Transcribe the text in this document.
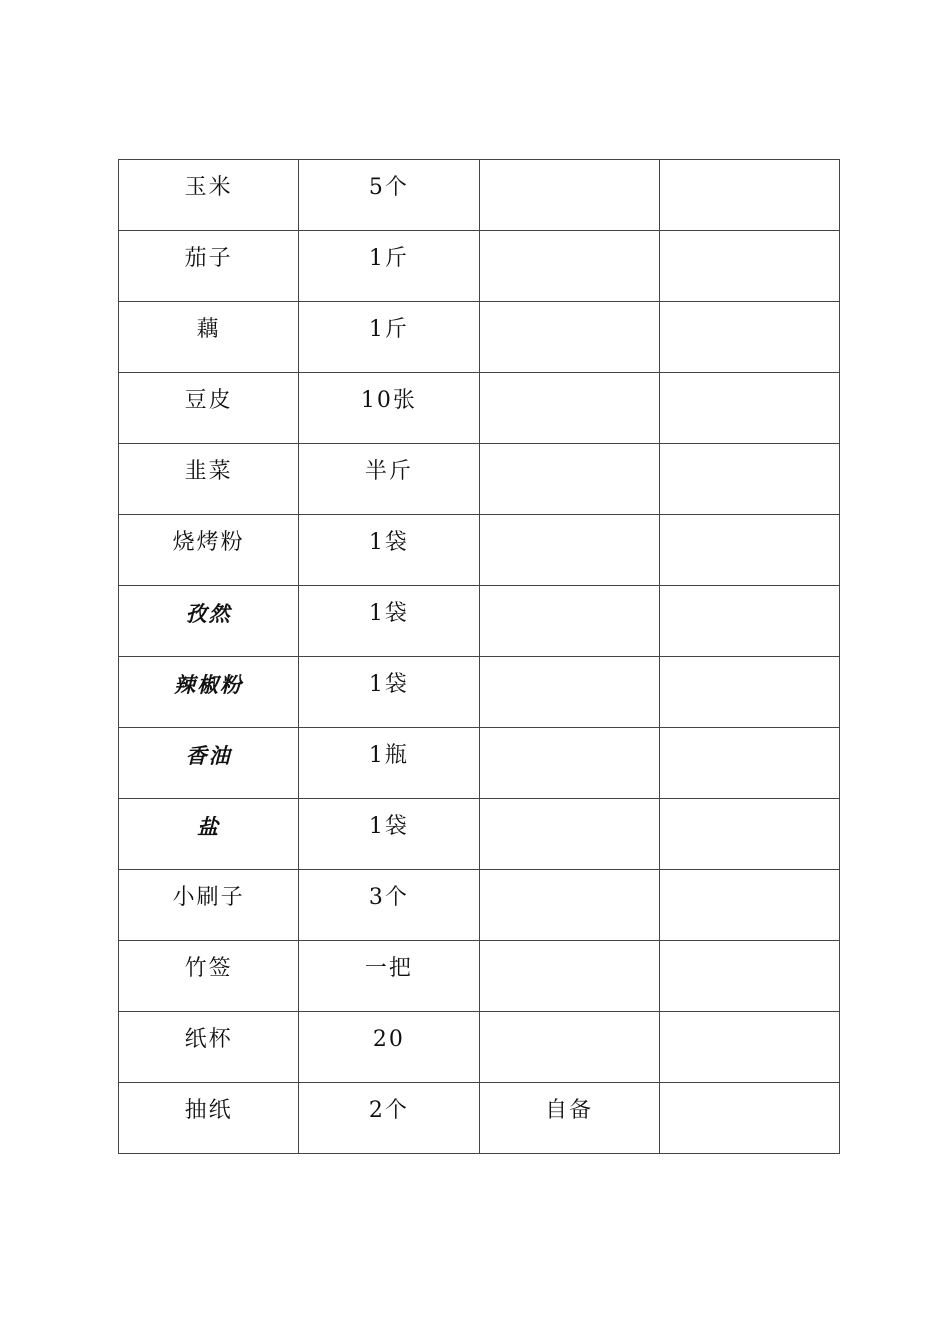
玉米	5个		
茄子	1斤		
藕	1斤		
豆皮	10张		
韭菜	半斤		
烧烤粉	1袋		
孜然	1袋		
辣椒粉	1袋		
香油	1瓶		
盐	1袋		
小刷子	3个		
竹签	一把		
纸杯	20		
抽纸	2个	自备	
